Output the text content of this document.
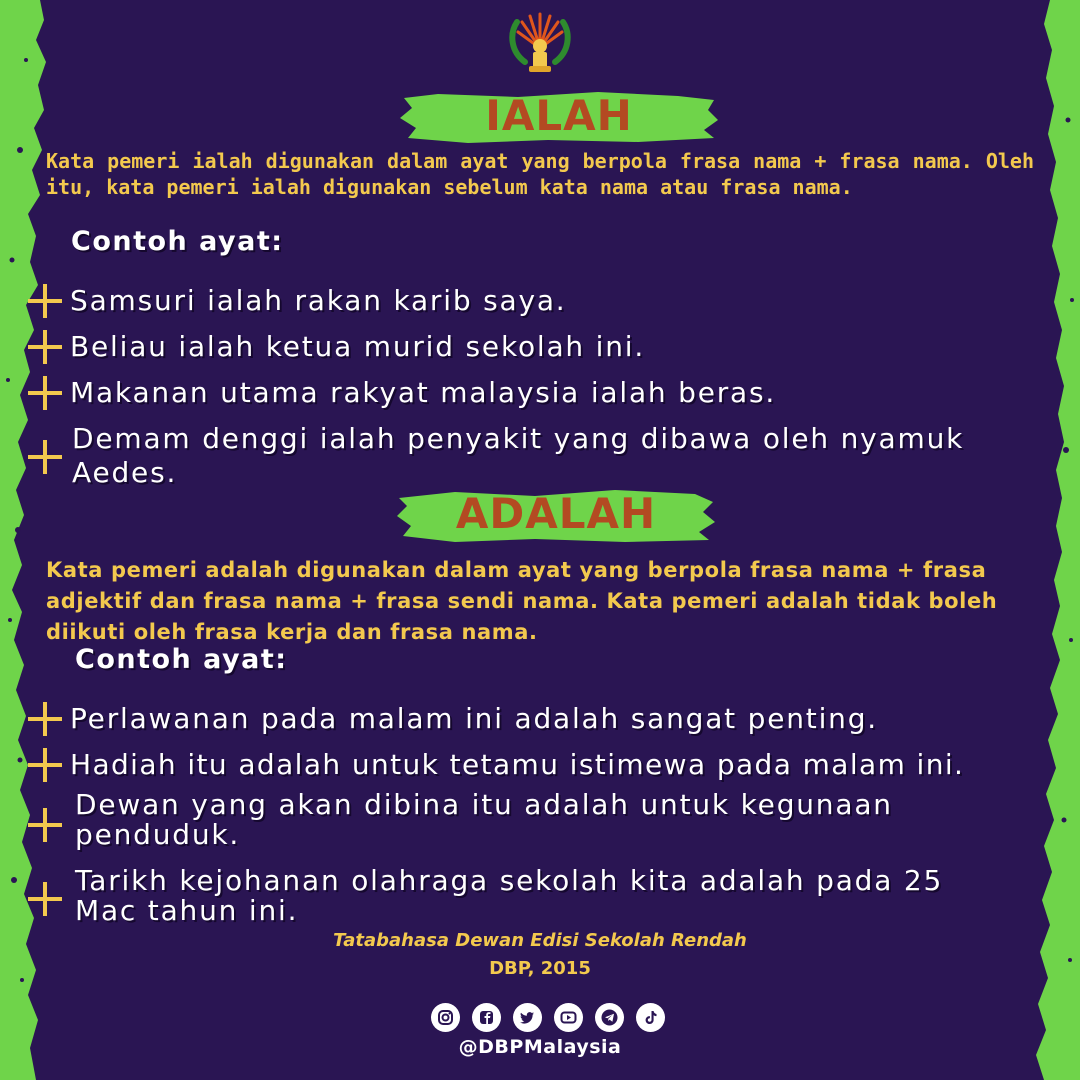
IALAH
Kata pemeri ialah digunakan dalam ayat yang berpola frasa nama + frasa nama. Oleh itu, kata pemeri ialah digunakan sebelum kata nama atau frasa nama.
Contoh ayat:
Samsuri ialah rakan karib saya.
Beliau ialah ketua murid sekolah ini.
Makanan utama rakyat malaysia ialah beras.
Demam denggi ialah penyakit yang dibawa oleh nyamuk Aedes.
ADALAH
Kata pemeri adalah digunakan dalam ayat yang berpola frasa nama + frasa adjektif dan frasa nama + frasa sendi nama. Kata pemeri adalah tidak boleh diikuti oleh frasa kerja dan frasa nama.
Contoh ayat:
Perlawanan pada malam ini adalah sangat penting.
Hadiah itu adalah untuk tetamu istimewa pada malam ini.
Dewan yang akan dibina itu adalah untuk kegunaan penduduk.
Tarikh kejohanan olahraga sekolah kita adalah pada 25 Mac tahun ini.
Tatabahasa Dewan Edisi Sekolah Rendah
DBP, 2015
@DBPMalaysia
